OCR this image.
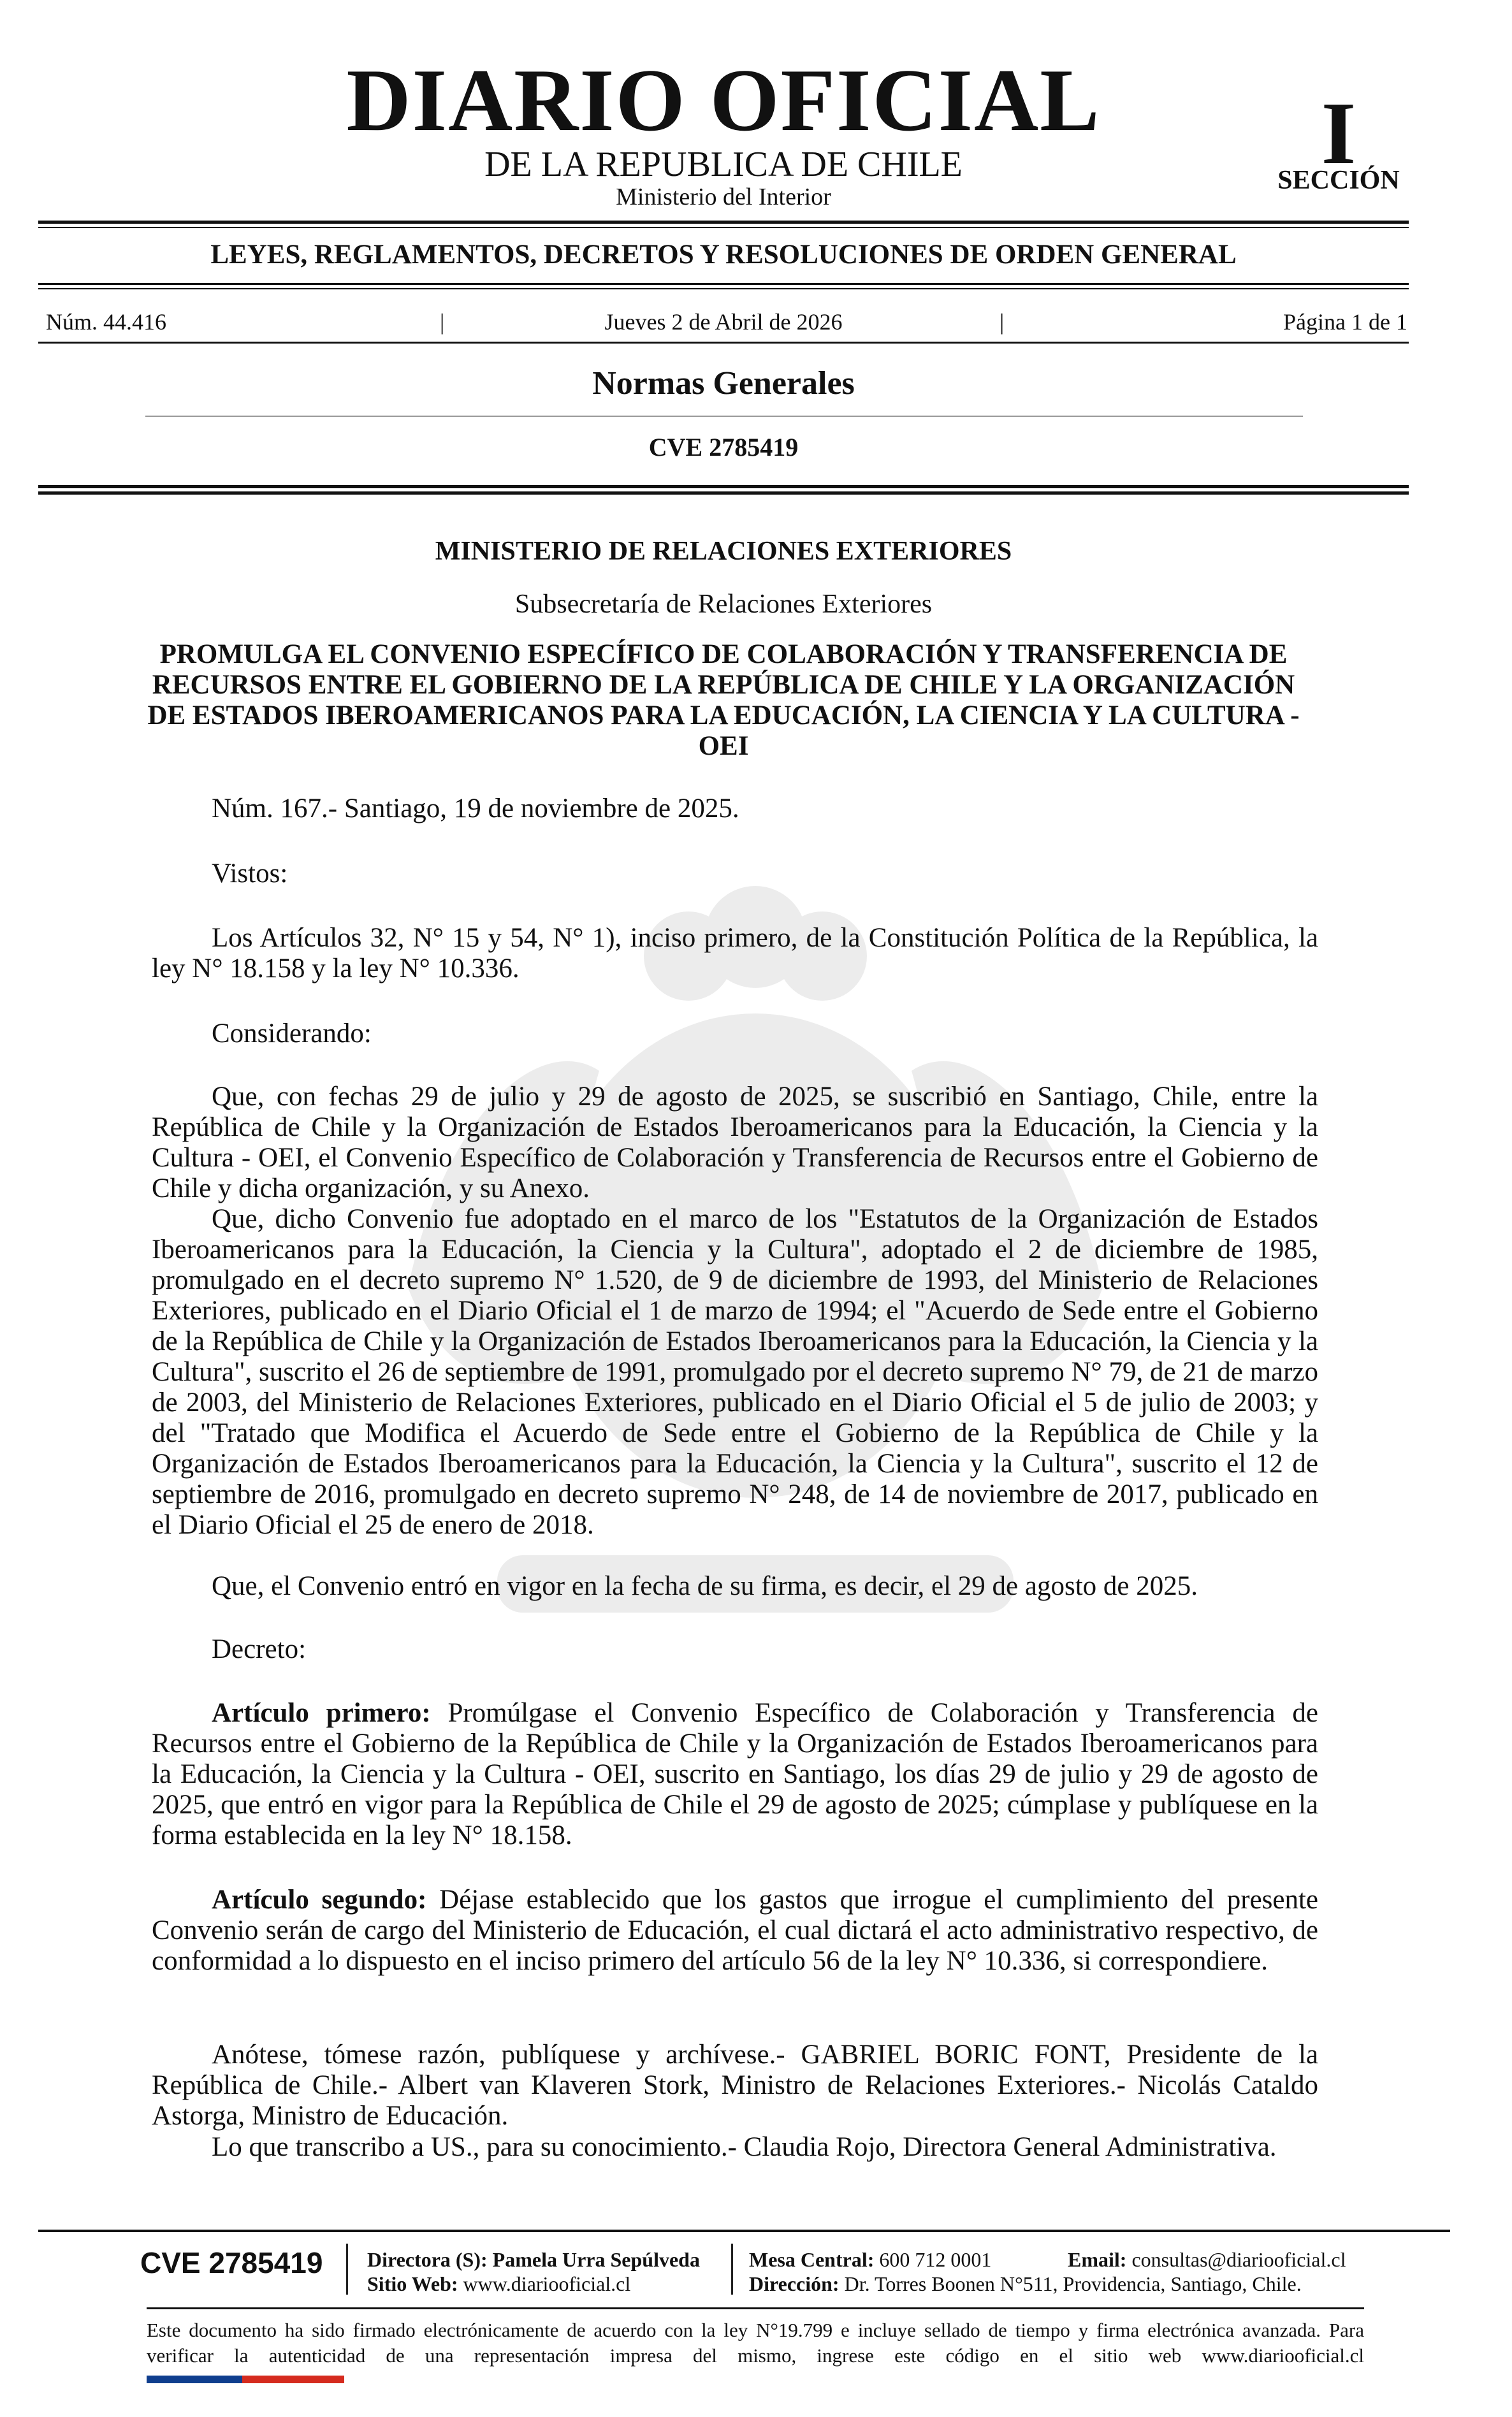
DIARIO OFICIAL
DE LA REPUBLICA DE CHILE
Ministerio del Interior
I
SECCIÓN
LEYES, REGLAMENTOS, DECRETOS Y RESOLUCIONES DE ORDEN GENERAL
Núm. 44.416	|	Jueves 2 de Abril de 2026	|	Página 1 de 1
Normas Generales
CVE 2785419
MINISTERIO DE RELACIONES EXTERIORES
Subsecretaría de Relaciones Exteriores
PROMULGA EL CONVENIO ESPECÍFICO DE COLABORACIÓN Y TRANSFERENCIA DE RECURSOS ENTRE EL GOBIERNO DE LA REPÚBLICA DE CHILE Y LA ORGANIZACIÓN DE ESTADOS IBEROAMERICANOS PARA LA EDUCACIÓN, LA CIENCIA Y LA CULTURA - OEI
Núm. 167.- Santiago, 19 de noviembre de 2025.
Vistos:
Los Artículos 32, N° 15 y 54, N° 1), inciso primero, de la Constitución Política de la República, la ley N° 18.158 y la ley N° 10.336.
Considerando:
Que, con fechas 29 de julio y 29 de agosto de 2025, se suscribió en Santiago, Chile, entre la República de Chile y la Organización de Estados Iberoamericanos para la Educación, la Ciencia y la Cultura - OEI, el Convenio Específico de Colaboración y Transferencia de Recursos entre el Gobierno de Chile y dicha organización, y su Anexo.
Que, dicho Convenio fue adoptado en el marco de los "Estatutos de la Organización de Estados Iberoamericanos para la Educación, la Ciencia y la Cultura", adoptado el 2 de diciembre de 1985, promulgado en el decreto supremo N° 1.520, de 9 de diciembre de 1993, del Ministerio de Relaciones Exteriores, publicado en el Diario Oficial el 1 de marzo de 1994; el "Acuerdo de Sede entre el Gobierno de la República de Chile y la Organización de Estados Iberoamericanos para la Educación, la Ciencia y la Cultura", suscrito el 26 de septiembre de 1991, promulgado por el decreto supremo N° 79, de 21 de marzo de 2003, del Ministerio de Relaciones Exteriores, publicado en el Diario Oficial el 5 de julio de 2003; y del "Tratado que Modifica el Acuerdo de Sede entre el Gobierno de la República de Chile y la Organización de Estados Iberoamericanos para la Educación, la Ciencia y la Cultura", suscrito el 12 de septiembre de 2016, promulgado en decreto supremo N° 248, de 14 de noviembre de 2017, publicado en el Diario Oficial el 25 de enero de 2018.
Que, el Convenio entró en vigor en la fecha de su firma, es decir, el 29 de agosto de 2025.
Decreto:
Artículo primero: Promúlgase el Convenio Específico de Colaboración y Transferencia de Recursos entre el Gobierno de la República de Chile y la Organización de Estados Iberoamericanos para la Educación, la Ciencia y la Cultura - OEI, suscrito en Santiago, los días 29 de julio y 29 de agosto de 2025, que entró en vigor para la República de Chile el 29 de agosto de 2025; cúmplase y publíquese en la forma establecida en la ley N° 18.158.
Artículo segundo: Déjase establecido que los gastos que irrogue el cumplimiento del presente Convenio serán de cargo del Ministerio de Educación, el cual dictará el acto administrativo respectivo, de conformidad a lo dispuesto en el inciso primero del artículo 56 de la ley N° 10.336, si correspondiere.
Anótese, tómese razón, publíquese y archívese.- GABRIEL BORIC FONT, Presidente de la República de Chile.- Albert van Klaveren Stork, Ministro de Relaciones Exteriores.- Nicolás Cataldo Astorga, Ministro de Educación.
Lo que transcribo a US., para su conocimiento.- Claudia Rojo, Directora General Administrativa.
CVE 2785419 Directora (S): Pamela Urra Sepúlveda
Sitio Web: www.diariooficial.cl
Mesa Central: 600 712 0001	Email: consultas@diariooficial.cl
Dirección: Dr. Torres Boonen N°511, Providencia, Santiago, Chile.
Este documento ha sido firmado electrónicamente de acuerdo con la ley N°19.799 e incluye sellado de tiempo y firma electrónica avanzada. Para verificar la autenticidad de una representación impresa del mismo, ingrese este código en el sitio web www.diariooficial.cl
